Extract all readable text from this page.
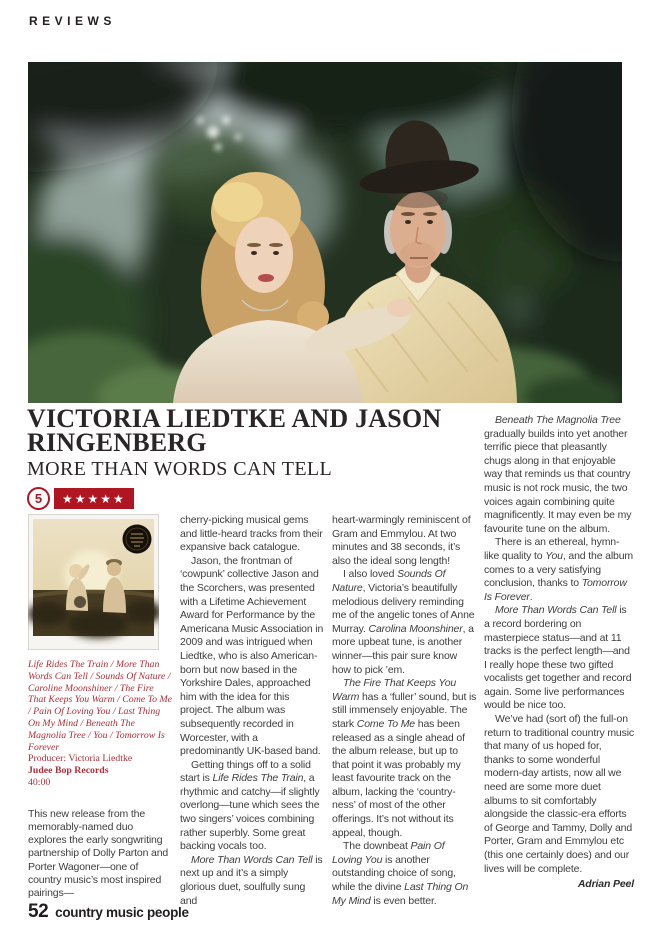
REVIEWS
VICTORIA LIEDTKE AND JASON RINGENBERG
MORE THAN WORDS CAN TELL
5	★★★★★
Life Rides The Train / More Than Words Can Tell / Sounds Of Nature / Caroline Moonshiner / The Fire That Keeps You Warm / Come To Me / Pain Of Loving You / Last Thing On My Mind / Beneath The Magnolia Tree / You / Tomorrow Is Forever
Producer: Victoria Liedtke
Judee Bop Records
40:00

This new release from the memorably-named duo explores the early songwriting partnership of Dolly Parton and Porter Wagoner—one of country music’s most inspired pairings—

cherry-picking musical gems and little-heard tracks from their expansive back catalogue.

Jason, the frontman of ‘cowpunk’ collective Jason and the Scorchers, was presented with a Lifetime Achievement Award for Performance by the Americana Music Association in 2009 and was intrigued when Liedtke, who is also American-born but now based in the Yorkshire Dales, approached him with the idea for this project. The album was subsequently recorded in Worcester, with a predominantly UK-based band.

Getting things off to a solid start is Life Rides The Train, a rhythmic and catchy—if slightly overlong—tune which sees the two singers’ voices combining rather superbly. Some great backing vocals too.

More Than Words Can Tell is next up and it’s a simply glorious duet, soulfully sung and

heart-warmingly reminiscent of Gram and Emmylou. At two minutes and 38 seconds, it’s also the ideal song length!

I also loved Sounds Of Nature, Victoria’s beautifully melodious delivery reminding me of the angelic tones of Anne Murray. Carolina Moonshiner, a more upbeat tune, is another winner—this pair sure know how to pick ’em.

The Fire That Keeps You Warm has a ‘fuller’ sound, but is still immensely enjoyable. The stark Come To Me has been released as a single ahead of the album release, but up to that point it was probably my least favourite track on the album, lacking the ‘country-ness’ of most of the other offerings. It’s not without its appeal, though.

The downbeat Pain Of Loving You is another outstanding choice of song, while the divine Last Thing On My Mind is even better.

Beneath The Magnolia Tree gradually builds into yet another terrific piece that pleasantly chugs along in that enjoyable way that reminds us that country music is not rock music, the two voices again combining quite magnificently. It may even be my favourite tune on the album.

There is an ethereal, hymn-like quality to You, and the album comes to a very satisfying conclusion, thanks to Tomorrow Is Forever.

More Than Words Can Tell is a record bordering on masterpiece status—and at 11 tracks is the perfect length—and I really hope these two gifted vocalists get together and record again. Some live performances would be nice too.

We’ve had (sort of) the full-on return to traditional country music that many of us hoped for, thanks to some wonderful modern-day artists, now all we need are some more duet albums to sit comfortably alongside the classic-era efforts of George and Tammy, Dolly and Porter, Gram and Emmylou etc (this one certainly does) and our lives will be complete.

Adrian Peel

52 country music people
